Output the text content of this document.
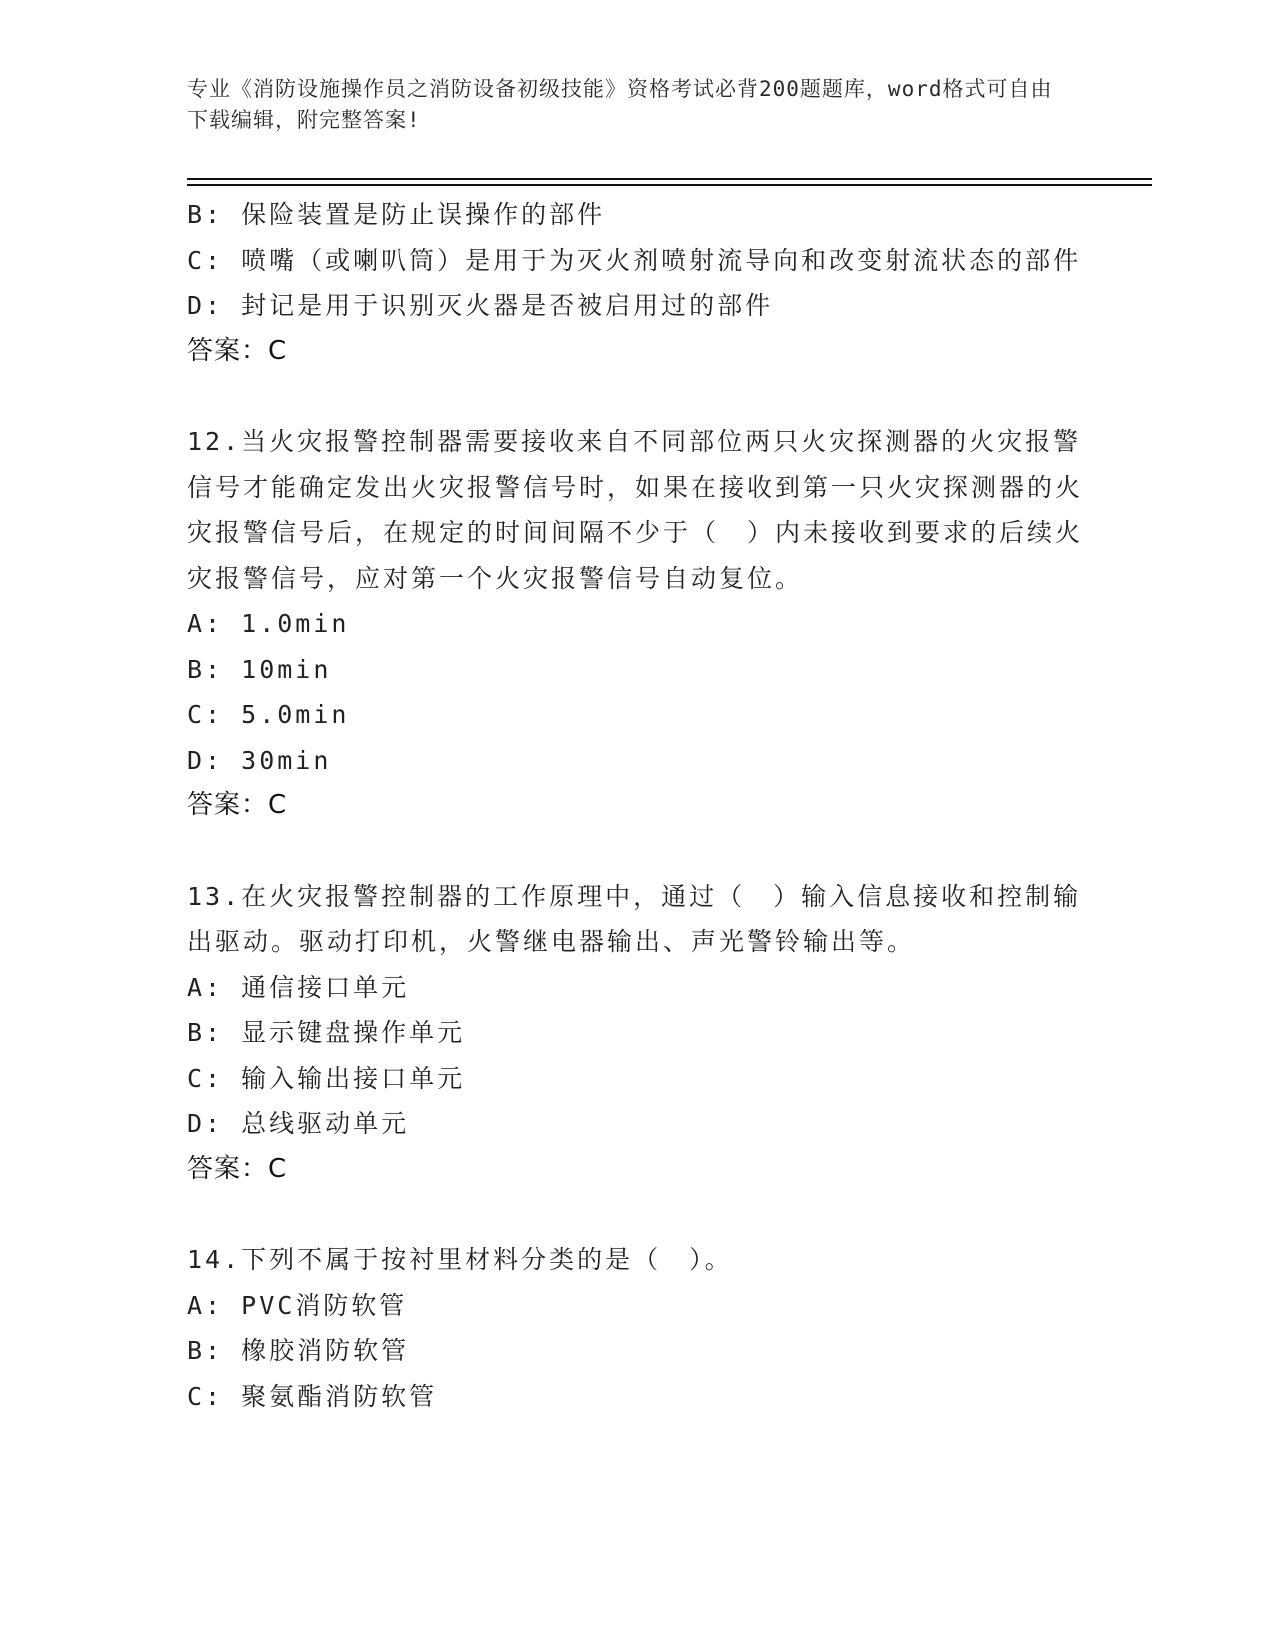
专业《消防设施操作员之消防设备初级技能》资格考试必背200题题库，word格式可自由下载编辑，附完整答案!
B: 保险装置是防止误操作的部件
C: 喷嘴（或喇叭筒）是用于为灭火剂喷射流导向和改变射流状态的部件
D: 封记是用于识别灭火器是否被启用过的部件
答案：C
12.当火灾报警控制器需要接收来自不同部位两只火灾探测器的火灾报警信号才能确定发出火灾报警信号时，如果在接收到第一只火灾探测器的火灾报警信号后，在规定的时间间隔不少于（　）内未接收到要求的后续火灾报警信号，应对第一个火灾报警信号自动复位。
A: 1.0min
B: 10min
C: 5.0min
D: 30min
答案：C
13.在火灾报警控制器的工作原理中，通过（　）输入信息接收和控制输出驱动。驱动打印机，火警继电器输出、声光警铃输出等。
A: 通信接口单元
B: 显示键盘操作单元
C: 输入输出接口单元
D: 总线驱动单元
答案：C
14.下列不属于按衬里材料分类的是（　）。
A: PVC消防软管
B: 橡胶消防软管
C: 聚氨酯消防软管
